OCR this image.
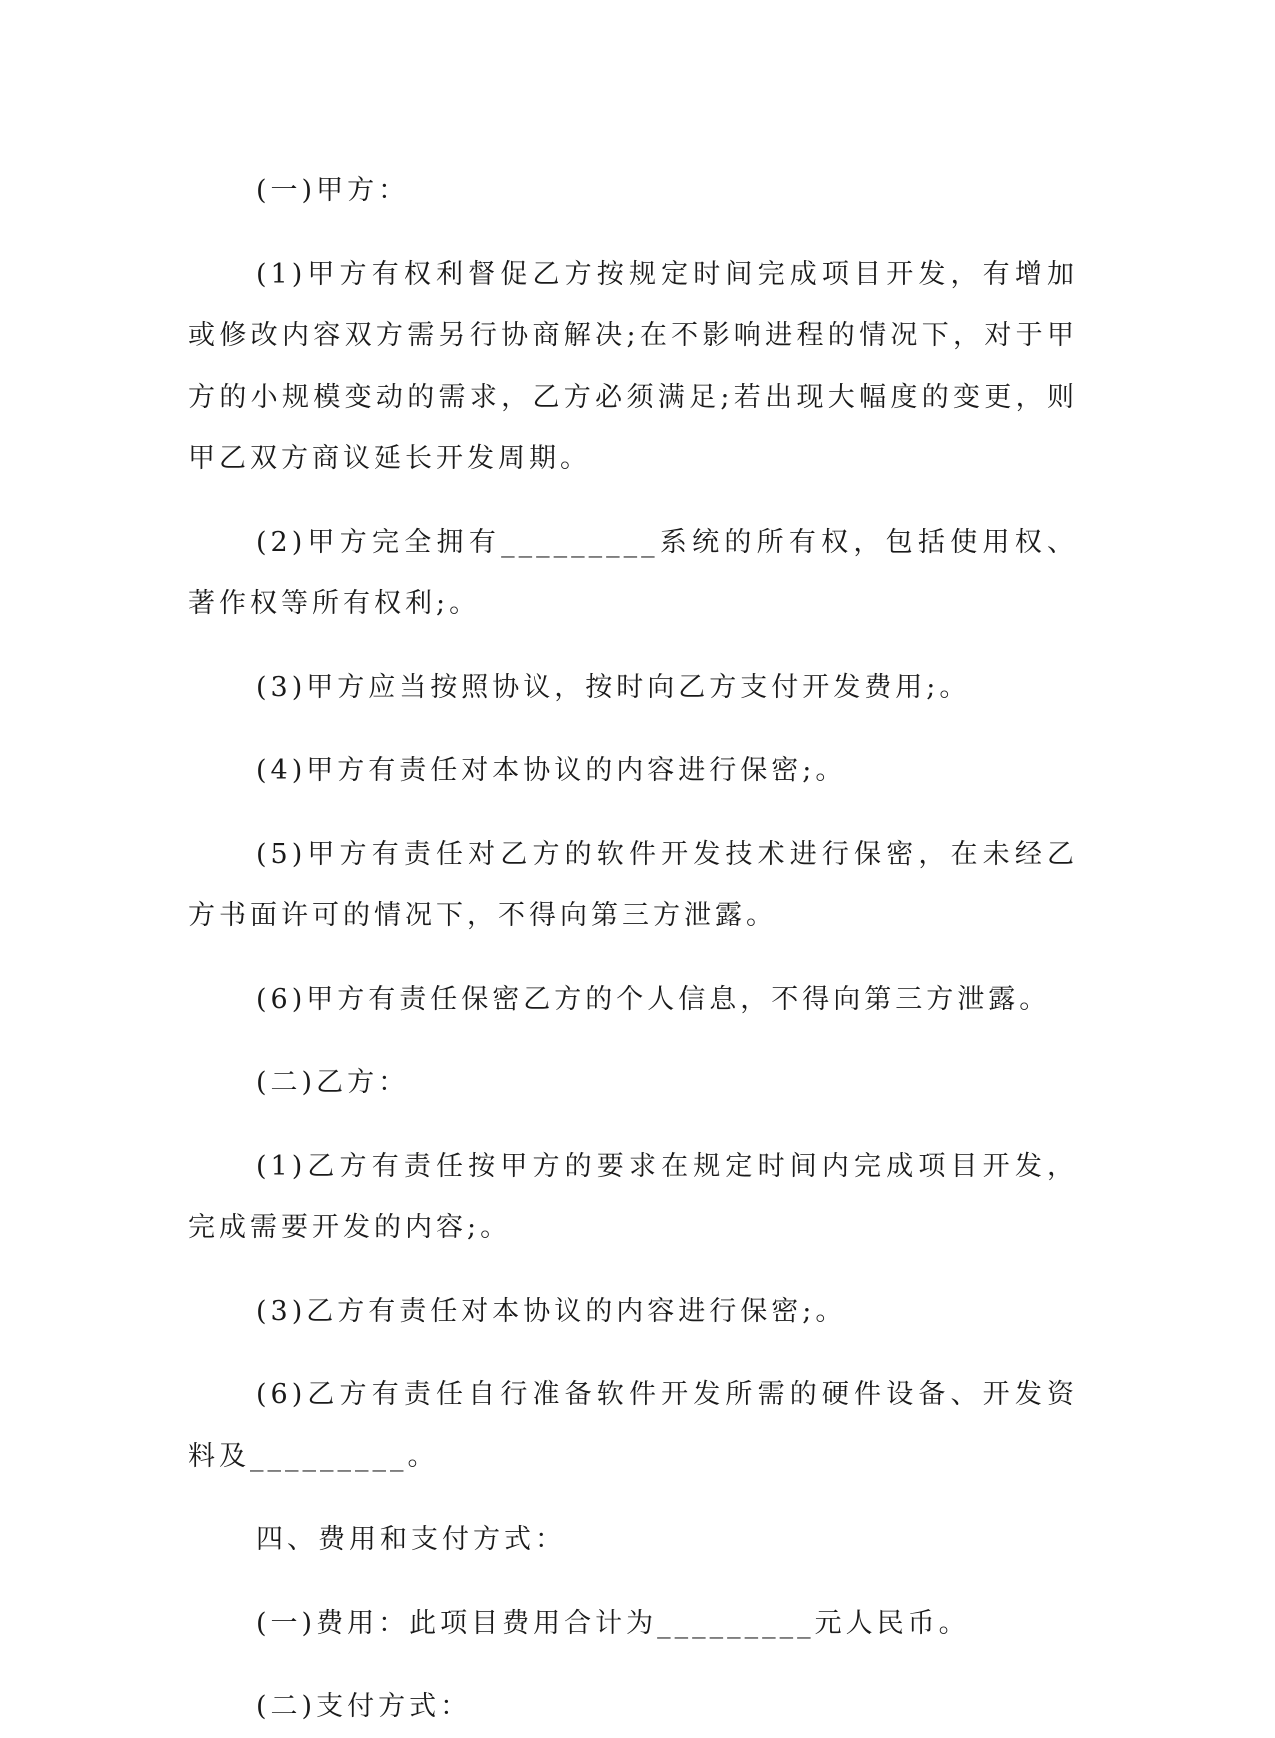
(一)甲方：

(1)甲方有权利督促乙方按规定时间完成项目开发，有增加或修改内容双方需另行协商解决;在不影响进程的情况下，对于甲方的小规模变动的需求，乙方必须满足;若出现大幅度的变更，则甲乙双方商议延长开发周期。

(2)甲方完全拥有_________系统的所有权，包括使用权、著作权等所有权利;。

(3)甲方应当按照协议，按时向乙方支付开发费用;。

(4)甲方有责任对本协议的内容进行保密;。

(5)甲方有责任对乙方的软件开发技术进行保密，在未经乙方书面许可的情况下，不得向第三方泄露。

(6)甲方有责任保密乙方的个人信息，不得向第三方泄露。

(二)乙方：

(1)乙方有责任按甲方的要求在规定时间内完成项目开发，完成需要开发的内容;。

(3)乙方有责任对本协议的内容进行保密;。

(6)乙方有责任自行准备软件开发所需的硬件设备、开发资料及_________。

四、费用和支付方式：

(一)费用：此项目费用合计为_________元人民币。

(二)支付方式：
